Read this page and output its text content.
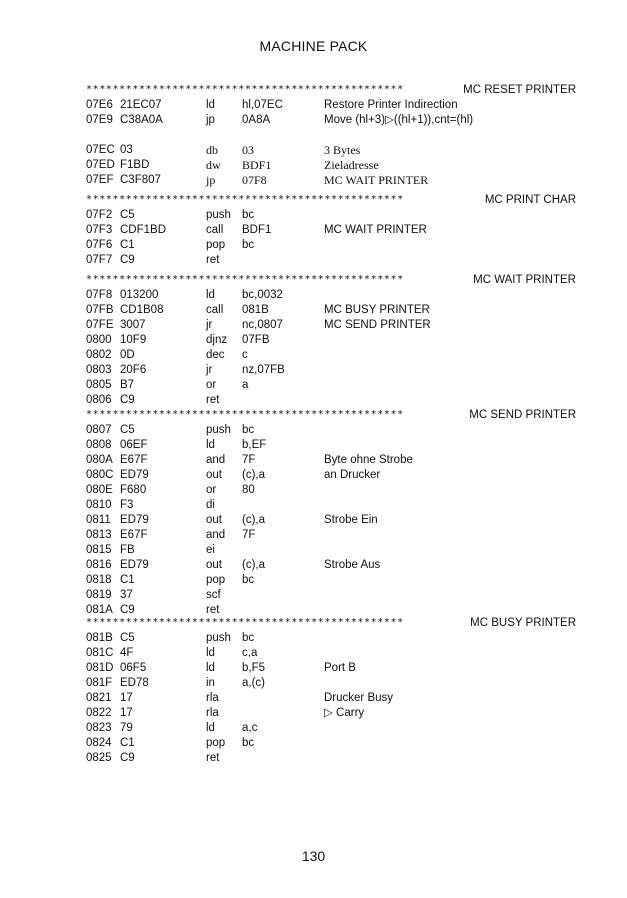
MACHINE PACK
************************************************	MC RESET PRINTER
07E6 21EC07	ld hl,07EC	Restore Printer Indirection
07E9 C38A0A	jp 0A8A	Move (hl+3)▷((hl+1)),cnt=(hl)
07EC 03	db 03	3 Bytes
07ED F1BD	dw BDF1	Zieladresse
07EF C3F807	jp 07F8	MC WAIT PRINTER
************************************************	MC PRINT CHAR
07F2 C5	push bc
07F3 CDF1BD	call BDF1	MC WAIT PRINTER
07F6 C1	pop bc
07F7 C9	ret
************************************************	MC WAIT PRINTER
07F8 013200	ld bc,0032
07FB CD1B08	call 081B	MC BUSY PRINTER
07FE 3007	jr	nc,0807	MC SEND PRINTER
0800 10F9	djnz 07FB
0802 0D	dec c
0803 20F6	jr	nz,07FB
0805 B7	or a
0806 C9	ret
************************************************	MC SEND PRINTER
0807 C5	push bc
0808 06EF	ld b,EF
080A E67F	and 7F	Byte ohne Strobe
080C ED79	out (c),a	an Drucker
080E F680	or 80
0810 F3	di
0811 ED79	out (c),a	Strobe Ein
0813 E67F	and 7F
0815 FB	ei
0816 ED79	out (c),a	Strobe Aus
0818 C1	pop bc
0819 37	scf
081A C9	ret
************************************************	MC BUSY PRINTER
081B C5	push bc
081C 4F	ld c,a
081D 06F5	ld b,F5	Port B
081F ED78	in a,(c)
0821 17	rla	Drucker Busy
0822 17	rla	▷ Carry
0823 79	ld a,c
0824 C1	pop bc
0825 C9	ret
130
